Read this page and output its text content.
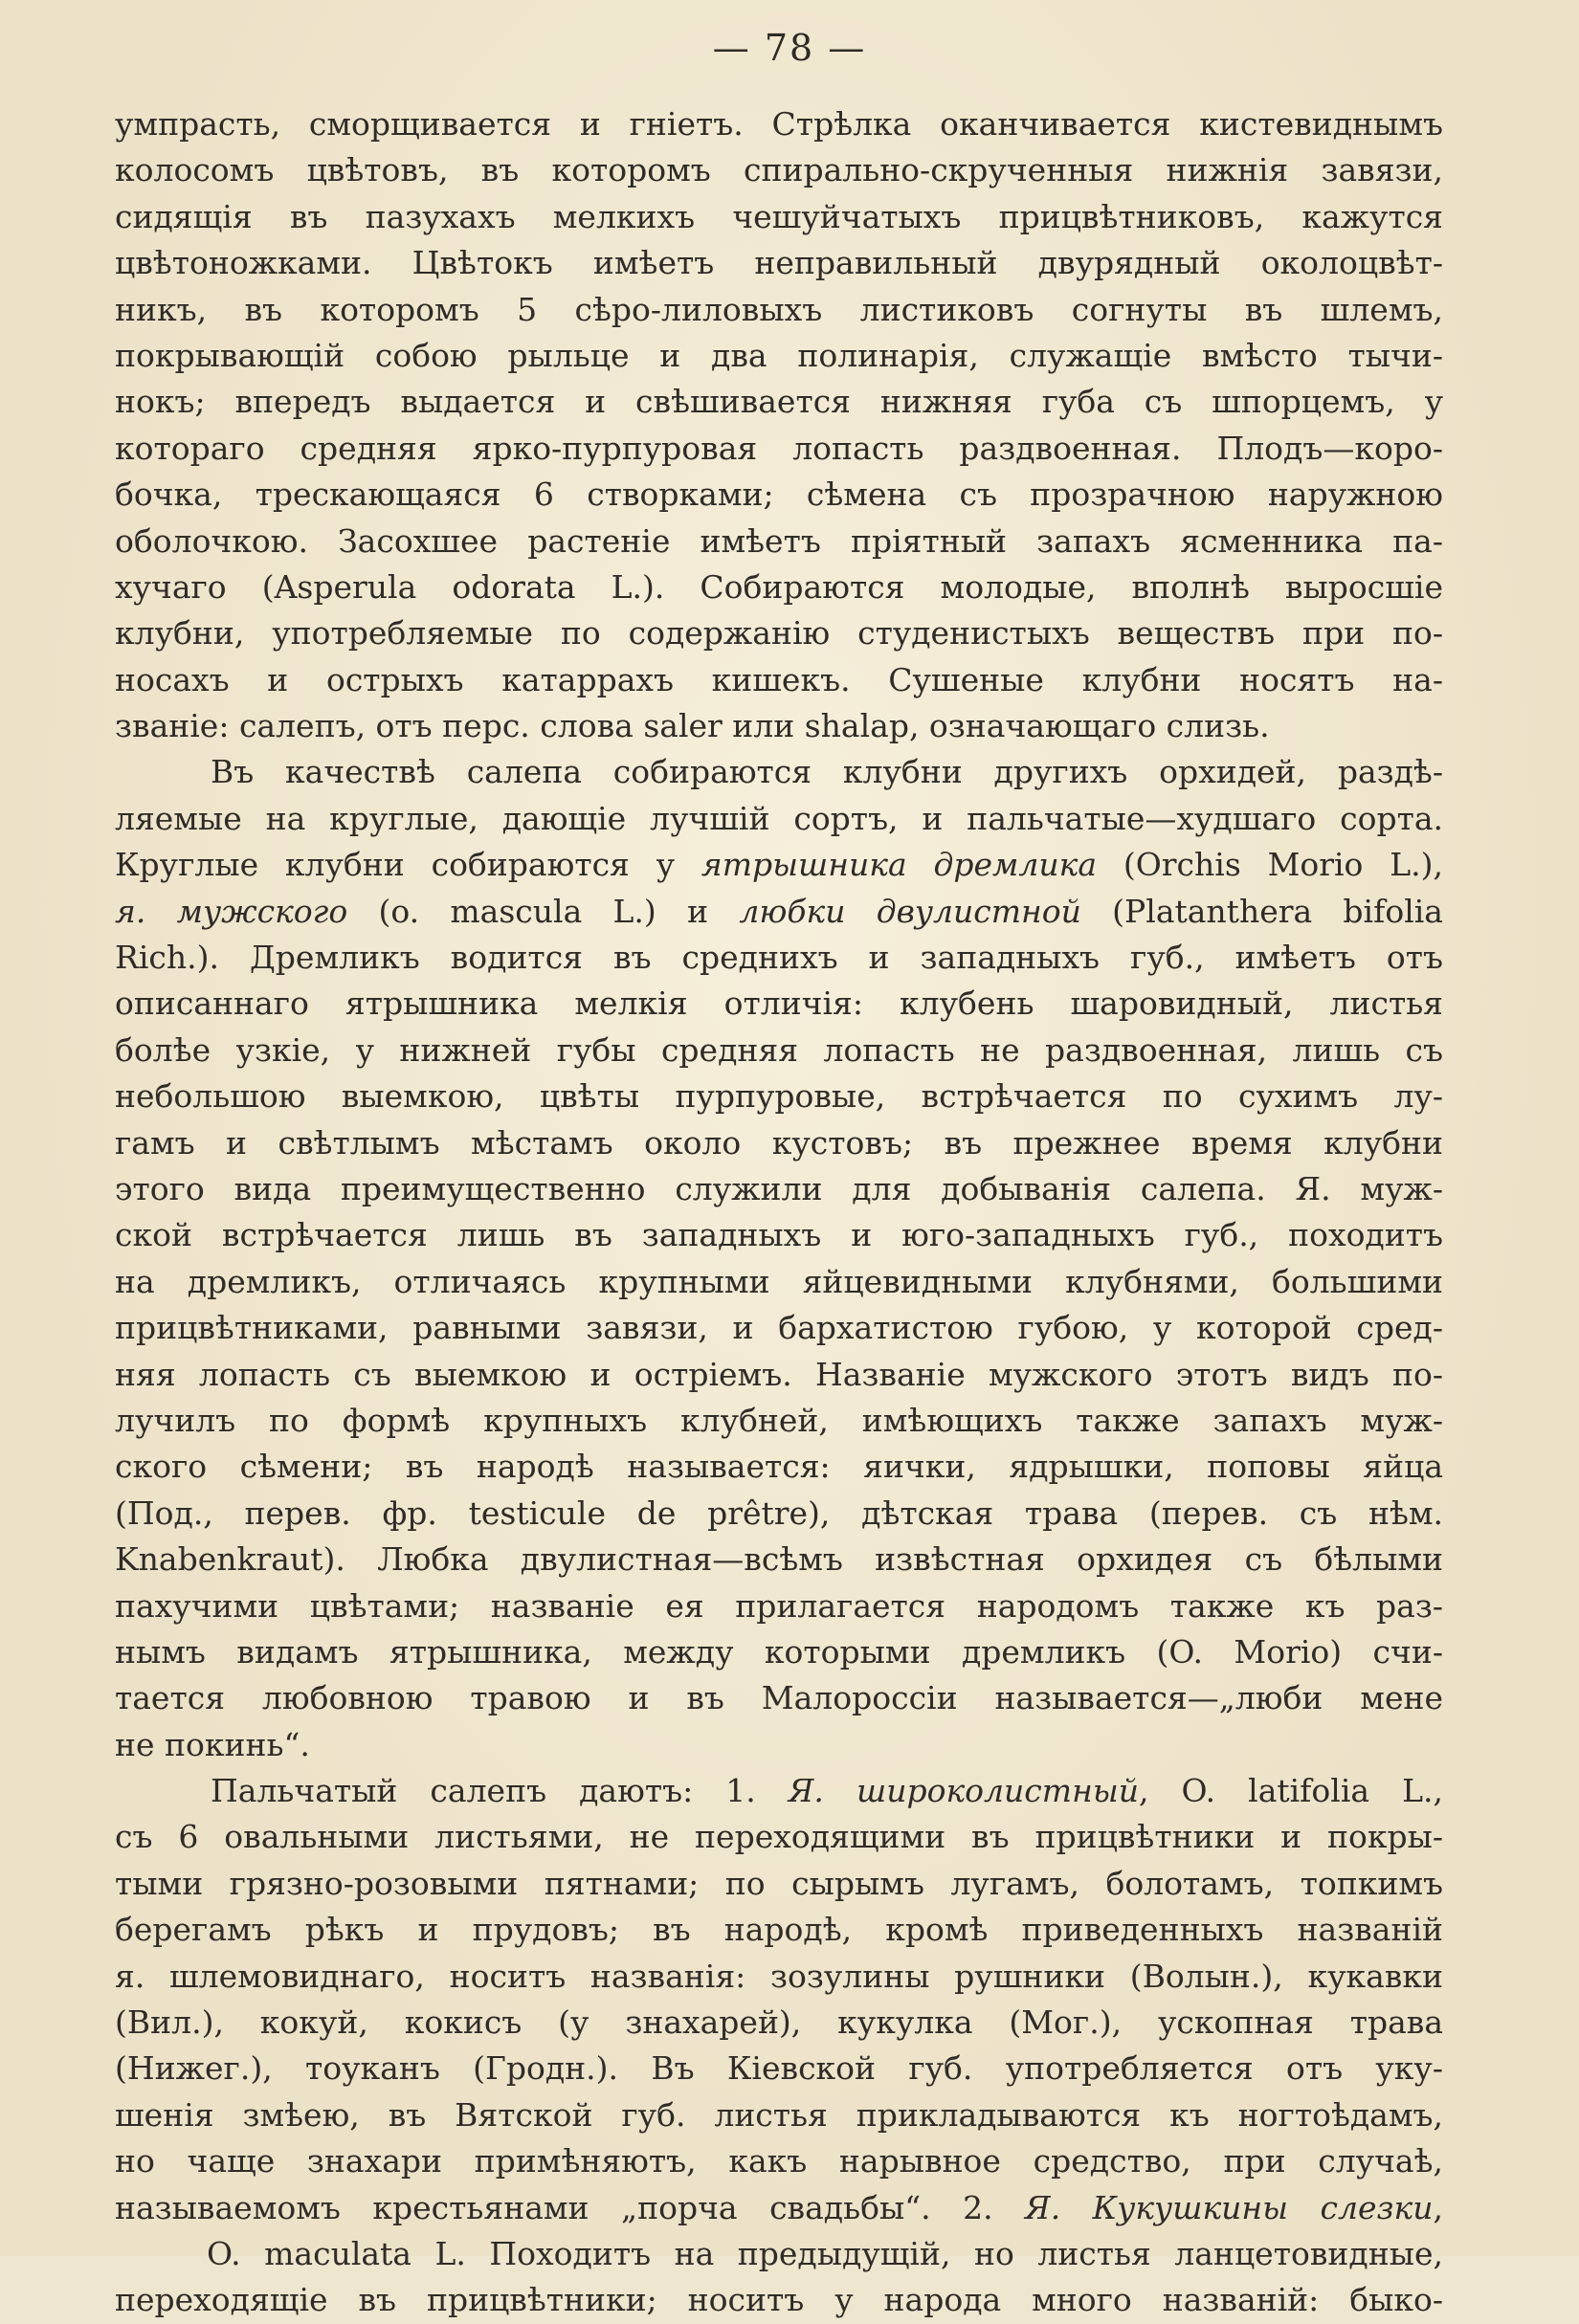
— 78 —
умпрасть, сморщивается и гніетъ. Стрѣлка оканчивается кистевиднымъ
колосомъ цвѣтовъ, въ которомъ спирально-скрученныя нижнія завязи,
сидящія въ пазухахъ мелкихъ чешуйчатыхъ прицвѣтниковъ, кажутся
цвѣтоножками. Цвѣтокъ имѣетъ неправильный двурядный околоцвѣт-
никъ, въ которомъ 5 сѣро-лиловыхъ листиковъ согнуты въ шлемъ,
покрывающій собою рыльце и два полинарія, служащіе вмѣсто тычи-
нокъ; впередъ выдается и свѣшивается нижняя губа съ шпорцемъ, у
котораго средняя ярко-пурпуровая лопасть раздвоенная. Плодъ—коро-
бочка, трескающаяся 6 створками; сѣмена съ прозрачною наружною
оболочкою. Засохшее растеніе имѣетъ пріятный запахъ ясменника па-
хучаго (Asperula odorata L.). Собираются молодые, вполнѣ выросшіе
клубни, употребляемые по содержанію студенистыхъ веществъ при по-
носахъ и острыхъ катаррахъ кишекъ. Сушеные клубни носятъ на-
званіе: салепъ, отъ перс. слова saler или shalap, означающаго слизь.
Въ качествѣ салепа собираются клубни другихъ орхидей, раздѣ-
ляемые на круглые, дающіе лучшій сортъ, и пальчатые—худшаго сорта.
Круглые клубни собираются у ятрышника дремлика (Orchis Morio L.),
я. мужского (o. mascula L.) и любки двулистной (Platanthera bifolia
Rich.). Дремликъ водится въ среднихъ и западныхъ губ., имѣетъ отъ
описаннаго ятрышника мелкія отличія: клубень шаровидный, листья
болѣе узкіе, у нижней губы средняя лопасть не раздвоенная, лишь съ
небольшою выемкою, цвѣты пурпуровые, встрѣчается по сухимъ лу-
гамъ и свѣтлымъ мѣстамъ около кустовъ; въ прежнее время клубни
этого вида преимущественно служили для добыванія салепа. Я. муж-
ской встрѣчается лишь въ западныхъ и юго-западныхъ губ., походитъ
на дремликъ, отличаясь крупными яйцевидными клубнями, большими
прицвѣтниками, равными завязи, и бархатистою губою, у которой сред-
няя лопасть съ выемкою и остріемъ. Названіе мужского этотъ видъ по-
лучилъ по формѣ крупныхъ клубней, имѣющихъ также запахъ муж-
ского сѣмени; въ народѣ называется: яички, ядрышки, поповы яйца
(Под., перев. фр. testicule de prêtre), дѣтская трава (перев. съ нѣм.
Knabenkraut). Любка двулистная—всѣмъ извѣстная орхидея съ бѣлыми
пахучими цвѣтами; названіе ея прилагается народомъ также къ раз-
нымъ видамъ ятрышника, между которыми дремликъ (O. Morio) счи-
тается любовною травою и въ Малороссіи называется—„люби мене
не покинь“.
Пальчатый салепъ даютъ: 1. Я. широколистный, O. latifolia L.,
съ 6 овальными листьями, не переходящими въ прицвѣтники и покры-
тыми грязно-розовыми пятнами; по сырымъ лугамъ, болотамъ, топкимъ
берегамъ рѣкъ и прудовъ; въ народѣ, кромѣ приведенныхъ названій
я. шлемовиднаго, носитъ названія: зозулины рушники (Волын.), кукавки
(Вил.), кокуй, кокисъ (у знахарей), кукулка (Мог.), ускопная трава
(Нижег.), тоуканъ (Гродн.). Въ Кіевской губ. употребляется отъ уку-
шенія змѣею, въ Вятской губ. листья прикладываются къ ногтоѣдамъ,
но чаще знахари примѣняютъ, какъ нарывное средство, при случаѣ,
называемомъ крестьянами „порча свадьбы“. 2. Я. Кукушкины слезки,
O. maculata L. Походитъ на предыдущій, но листья ланцетовидные,
переходящіе въ прицвѣтники; носитъ у народа много названій: быко-
